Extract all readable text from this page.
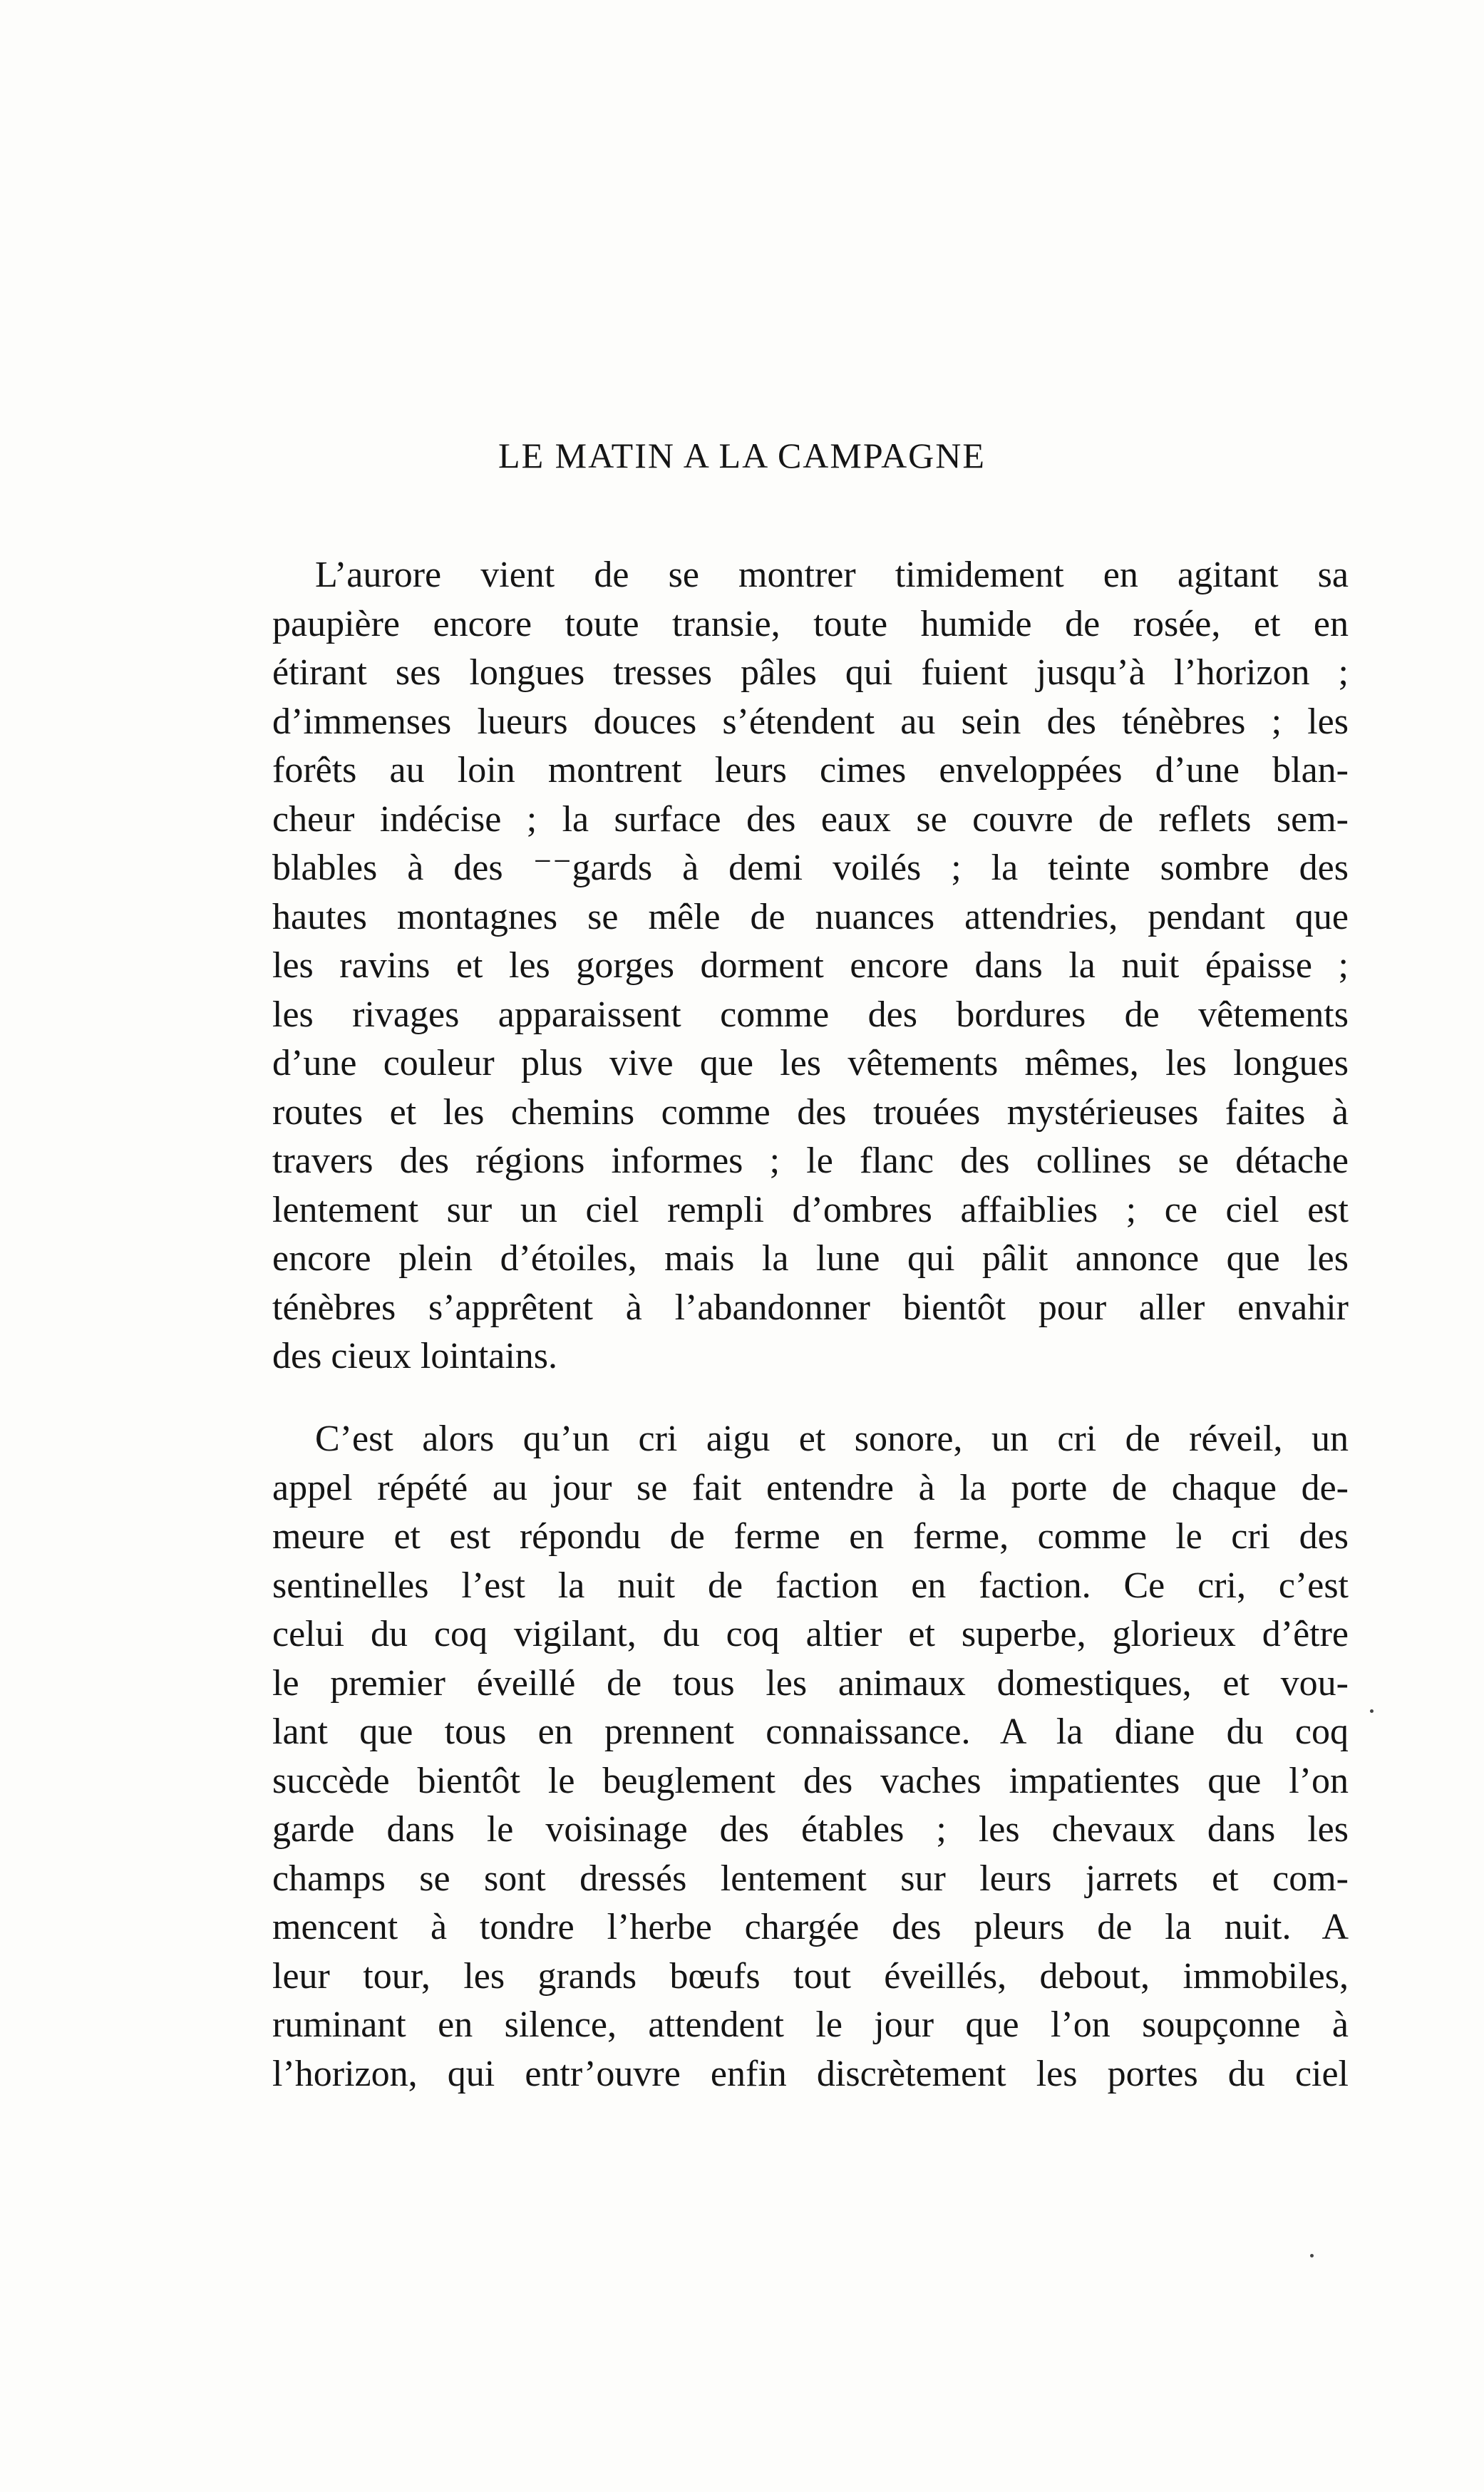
LE MATIN A LA CAMPAGNE
L’aurore vient de se montrer timidement en agitant sa
paupière encore toute transie, toute humide de rosée, et en
étirant ses longues tresses pâles qui fuient jusqu’à l’horizon ;
d’immenses lueurs douces s’étendent au sein des ténèbres ; les
forêts au loin montrent leurs cimes enveloppées d’une blan-
cheur indécise ; la surface des eaux se couvre de reflets sem-
blables à des ⁻⁻gards à demi voilés ; la teinte sombre des
hautes montagnes se mêle de nuances attendries, pendant que
les ravins et les gorges dorment encore dans la nuit épaisse ;
les rivages apparaissent comme des bordures de vêtements
d’une couleur plus vive que les vêtements mêmes, les longues
routes et les chemins comme des trouées mystérieuses faites à
travers des régions informes ; le flanc des collines se détache
lentement sur un ciel rempli d’ombres affaiblies ; ce ciel est
encore plein d’étoiles, mais la lune qui pâlit annonce que les
ténèbres s’apprêtent à l’abandonner bientôt pour aller envahir
des cieux lointains.
C’est alors qu’un cri aigu et sonore, un cri de réveil, un
appel répété au jour se fait entendre à la porte de chaque de-
meure et est répondu de ferme en ferme, comme le cri des
sentinelles l’est la nuit de faction en faction. Ce cri, c’est
celui du coq vigilant, du coq altier et superbe, glorieux d’être
le premier éveillé de tous les animaux domestiques, et vou-
lant que tous en prennent connaissance. A la diane du coq
succède bientôt le beuglement des vaches impatientes que l’on
garde dans le voisinage des étables ; les chevaux dans les
champs se sont dressés lentement sur leurs jarrets et com-
mencent à tondre l’herbe chargée des pleurs de la nuit. A
leur tour, les grands bœufs tout éveillés, debout, immobiles,
ruminant en silence, attendent le jour que l’on soupçonne à
l’horizon, qui entr’ouvre enfin discrètement les portes du ciel
